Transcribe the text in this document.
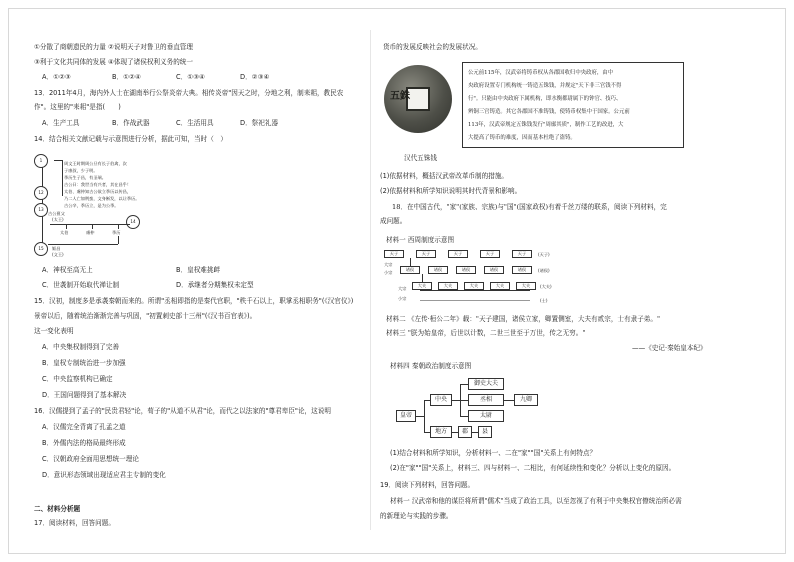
①分散了商朝遗民的力量 ②说明天子对鲁卫的垂直管理
③利于文化共同体的发展 ④体现了诸侯权利义务的统一
A．①②③	B．①②④	C．①③④	D．②③④
13．2011年4月，海内外人士在湖南举行公祭炎帝大典。相传炎帝"因天之时，分地之利，制耒耜，教民农
作"。这里的"耒耜"是指(　　)
A．生产工具	B．作战武器	C．生活用具	D．祭祀礼器
14．结合相关文献记载与示意图进行分析，据此可知，当时（　）
1
12
13
14
15
周文王时期周公旦有长子伯禽，次
子康叔，少子明。
季历生子昌，有圣瑞。
古公曰：我世当有兴者，其在昌乎！
太伯、虞仲知古公欲立季历以传昌，
乃二人亡如荆蛮，文身断发，以让季历。
古公卒，季历立，是为公季。
古公亶父
(太王)
太伯	虞仲	季历
姬昌
(文王)
A．神权至高无上	B．皇权难挑衅
C．世袭制开始取代禅让制	D．承继者分期集权未定型
15．汉初，制度多是承袭秦朝而来的。所谓"丞相即指的是秦代官职，"秩千石以上，职掌丞相职务"(《汉官仪》)
景帝以后，随着统治渐渐完善与巩固，"初置刺史部十三州"(《汉书百官表》)。
这一变化表明
A．中央集权制得到了完善
B．皇权专制统治进一步加强
C．中央监察机构已确定
D．王国问题得到了基本解决
16．汉儒提到了孟子的"民贵君轻"论，荀子的"从道不从君"论，而代之以法家的"尊君卑臣"论，这说明
A．汉儒完全背离了孔孟之道
B．外儒内法的格局最终形成
C．汉朝政府全面用思想统一理论
D．意识形态领域出现适应君主专制的变化
二、材料分析题
17．阅读材料，回答问题。
货币的发展反映社会的发展状况。
五銖
汉代五铢钱
公元前115年，汉武帝将铸币权从各郡国收归中央政府，由中
央政府设置专门机构统一铸造五铢钱，并规定"天下非三官钱不得
行"。只能由中央政府下属机构，即水衡都尉属下的钟官、技巧、
辨铜三官铸造。其它各郡国不准铸钱，使铸币权集中于国家。公元前
113年，汉武帝规定五铢钱发行"周廓其质"，制作工艺的改进，大
大提高了铸币的难度，因而基本杜绝了盗铸。
(1)依据材料，概括汉武帝改革币制的措施。
(2)依据材料和所学知识说明其时代背景和影响。
18．在中国古代，"家"(家族、宗族)与"国"(国家政权)有着千丝万缕的联系，阅读下列材料，完
成问题。
材料一 西周制度示意图
天子	天子	天子	天子	天子	(天子)
诸侯	诸侯	诸侯	诸侯	诸侯	(诸侯)
大夫	大夫	大夫	大夫	大夫	(大夫)
(士)
大宗
小宗
大宗
小宗
材料二 《左传·桓公二年》载："天子建国，诸侯立家，卿置侧室，大夫有贰宗，士有隶子弟。"
材料三 "朕为始皇帝，后世以计数，二世三世至于万世，传之无穷。"
——《史记·秦始皇本纪》
材料四 秦朝政治制度示意图
皇帝
中央
御史大夫
丞相
太尉
九卿
地方	郡	县
(1)结合材料和所学知识，分析材料一、二在"家""国"关系上有何特点？
(2)在"家""国"关系上，材料三、四与材料一、二相比，有何延续性和变化？分析以上变化的原因。
19．阅读下列材料，回答问题。
材料一 汉武帝和他的谋臣将所谓"儒术"当成了政治工具，以至忽视了有利于中央集权官僚统治所必需
的新理论与实践的步骤。
